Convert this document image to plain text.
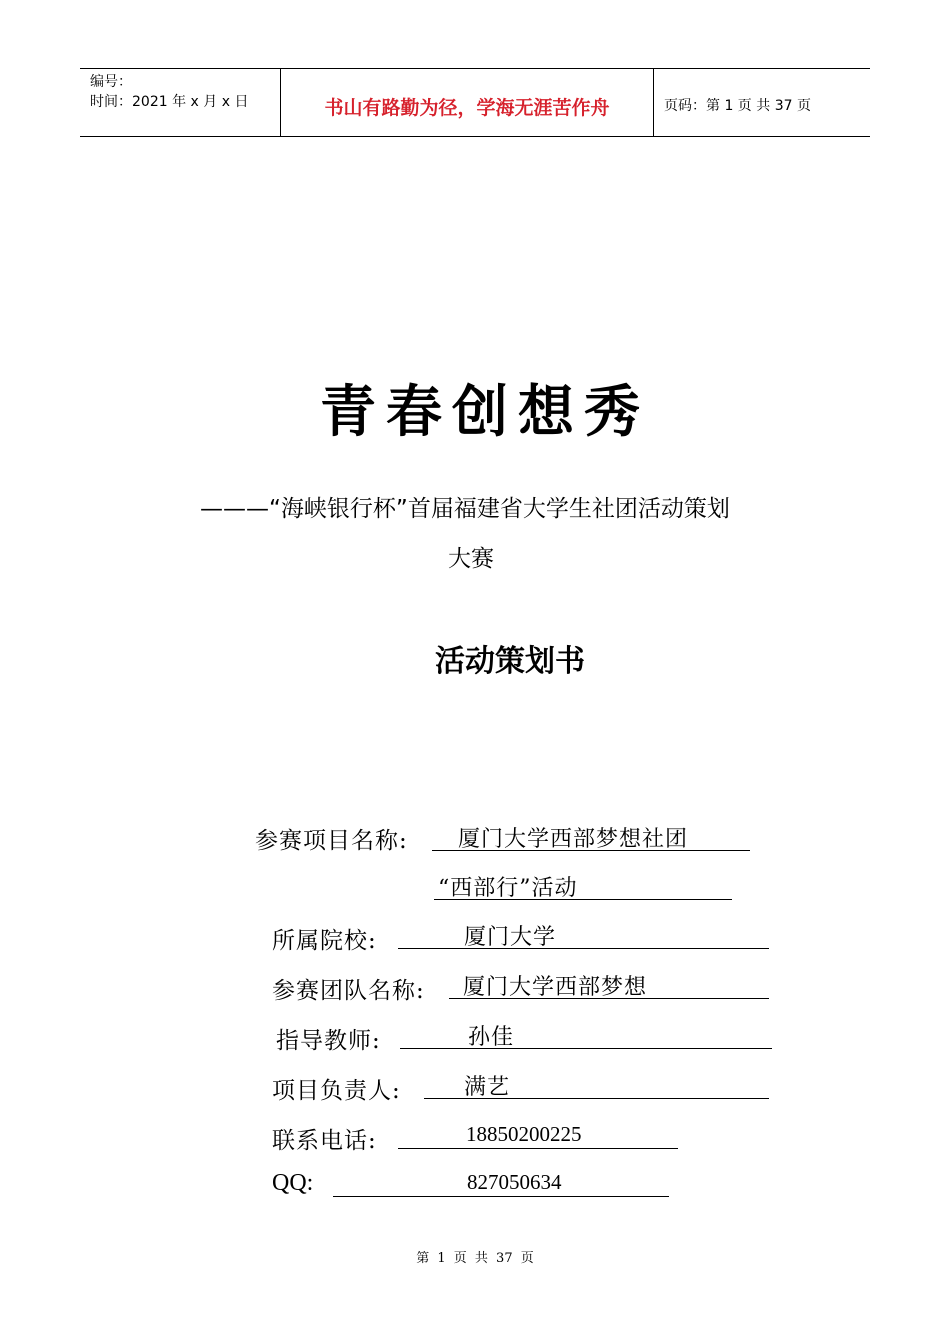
编号：
时间：2021 年 x 月 x 日	书山有路勤为径，学海无涯苦作舟	页码：第 1 页 共 37 页
青春创想秀
———“海峡银行杯”首届福建省大学生社团活动策划
大赛
活动策划书
参赛项目名称: 厦门大学西部梦想社团
“西部行”活动
所属院校:	厦门大学
参赛团队名称: 厦门大学西部梦想
指导教师:	孙佳
项目负责人:	满艺
联系电话:	18850200225
QQ:	827050634
第 1 页 共 37 页
